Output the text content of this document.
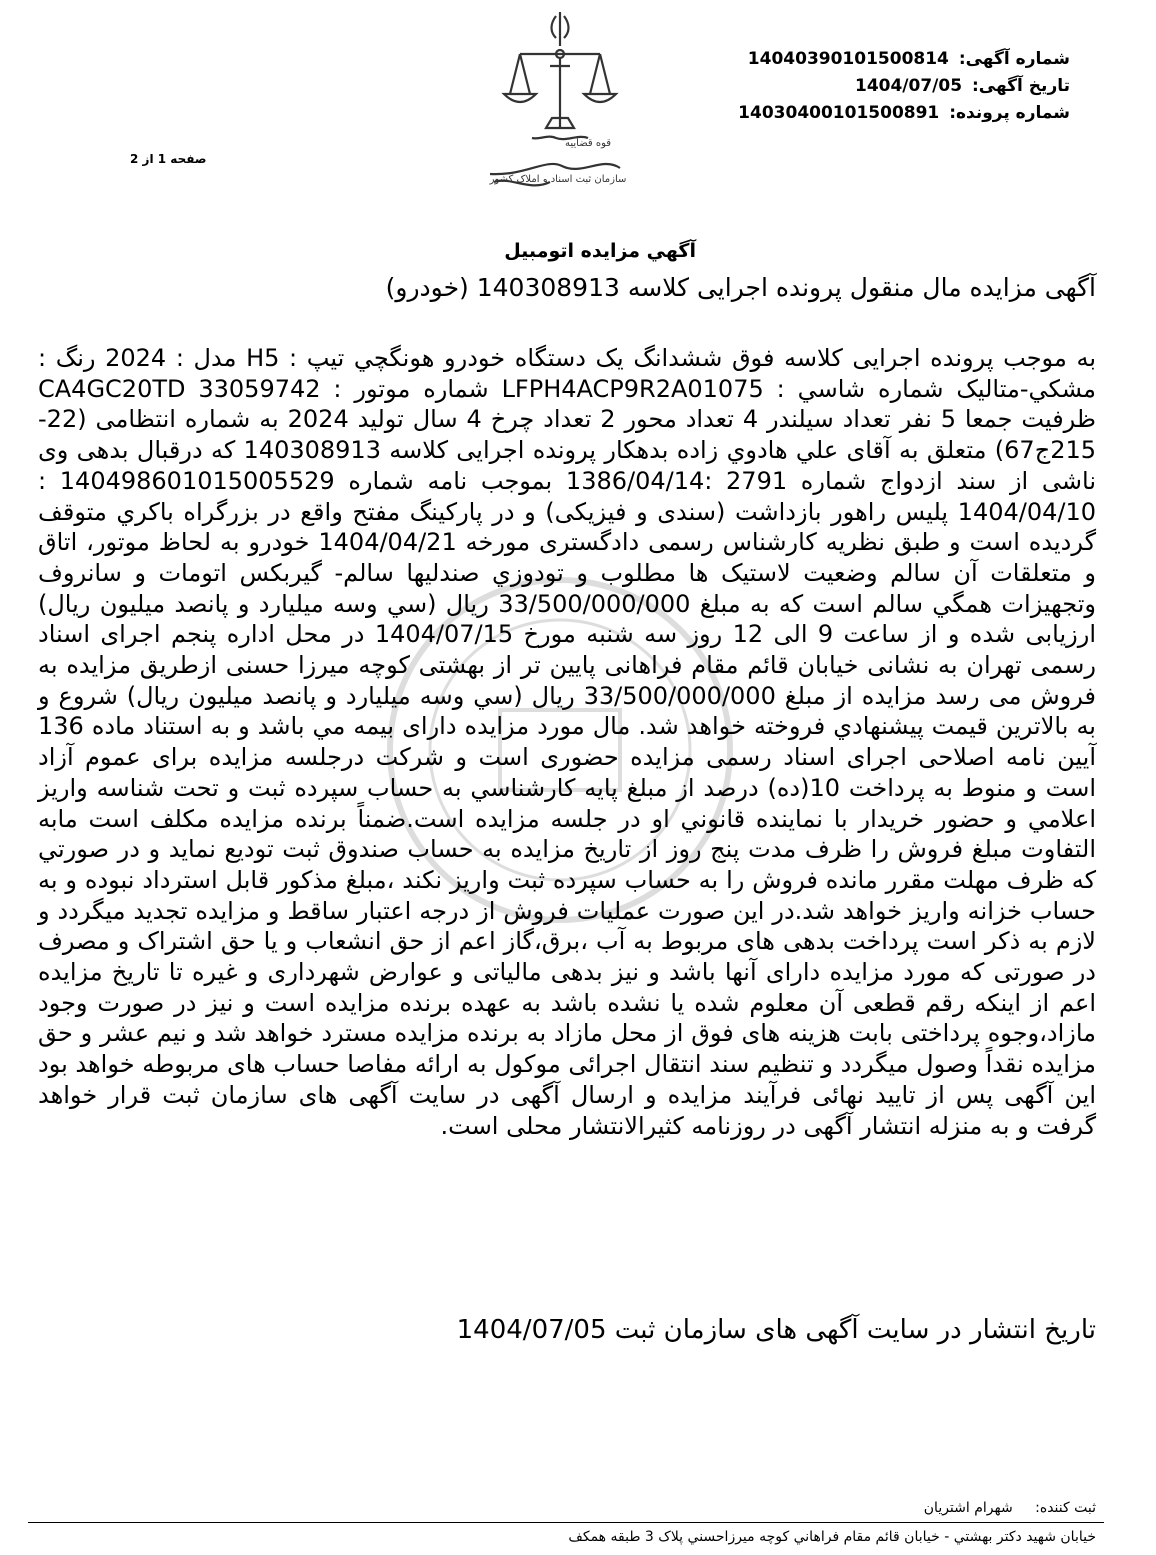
شماره آگهی: 14040390101500814
تاریخ آگهی: 1404/07/05
شماره پرونده: 14030400101500891
قوه قضاییه
سازمان ثبت اسناد و املاک کشور
صفحه 1 از 2
آگهي مزايده اتومبيل
آگهی مزایده مال منقول پرونده اجرایی کلاسه 140308913 (خودرو)

به موجب پرونده اجرایی کلاسه فوق ششدانگ یک دستگاه خودرو هونگچي تیپ : H5 مدل : 2024 رنگ : مشکي-متاليک شماره شاسي : LFPH4ACP9R2A01075 شماره موتور : CA4GC20TD 33059742 ظرفیت جمعا 5 نفر تعداد سیلندر 4 تعداد محور 2 تعداد چرخ 4 سال تولید 2024 به شماره انتظامی (22-215ج67) متعلق به آقای علي هادوي زاده بدهکار پرونده اجرایی کلاسه 140308913 که درقبال بدهی وی ناشی از سند ازدواج شماره 2791 :1386/04/14 بموجب نامه شماره 140498601015005529 : 1404/04/10 پلیس راهور بازداشت (سندی و فیزیکی) و در پارکینگ مفتح واقع در بزرگراه باکري متوقف گردیده است و طبق نظریه کارشناس رسمی دادگستری مورخه 1404/04/21 خودرو به لحاظ موتور، اتاق و متعلقات آن سالم وضعیت لاستیک ها مطلوب و تودوزي صندلیها سالم- گیربکس اتومات و سانروف وتجهیزات همگي سالم است که به مبلغ 33/500/000/000 ریال (سي وسه میلیارد و پانصد میلیون ریال) ارزیابی شده و از ساعت 9 الی 12 روز سه شنبه مورخ 1404/07/15 در محل اداره پنجم اجرای اسناد رسمی تهران به نشانی خیابان قائم مقام فراهانی پایین تر از بهشتی کوچه میرزا حسنی ازطریق مزایده به فروش می رسد مزایده از مبلغ 33/500/000/000 ریال (سي وسه میلیارد و پانصد میلیون ریال) شروع و به بالاترین قیمت پیشنهادي فروخته خواهد شد. مال مورد مزایده دارای بیمه مي باشد و به استناد ماده 136 آیین نامه اصلاحی اجرای اسناد رسمی مزایده حضوری است و شرکت درجلسه مزایده برای عموم آزاد است و منوط به پرداخت 10(ده) درصد از مبلغ پایه کارشناسي به حساب سپرده ثبت و تحت شناسه واریز اعلامي و حضور خریدار با نماینده قانوني او در جلسه مزایده است.ضمناً برنده مزایده مکلف است مابه التفاوت مبلغ فروش را ظرف مدت پنج روز از تاریخ مزایده به حساب صندوق ثبت تودیع نماید و در صورتي که ظرف مهلت مقرر مانده فروش را به حساب سپرده ثبت واریز نکند ،مبلغ مذکور قابل استرداد نبوده و به حساب خزانه واریز خواهد شد.در این صورت عملیات فروش از درجه اعتبار ساقط و مزایده تجدید میگردد و لازم به ذکر است پرداخت بدهی های مربوط به آب ،برق،گاز اعم از حق انشعاب و یا حق اشتراک و مصرف در صورتی که مورد مزایده دارای آنها باشد و نیز بدهی مالیاتی و عوارض شهرداری و غیره تا تاریخ مزایده اعم از اینکه رقم قطعی آن معلوم شده یا نشده باشد به عهده برنده مزایده است و نیز در صورت وجود مازاد،وجوه پرداختی بابت هزینه های فوق از محل مازاد به برنده مزایده مسترد خواهد شد و نیم عشر و حق مزایده نقداً وصول میگردد و تنظیم سند انتقال اجرائی موکول به ارائه مفاصا حساب های مربوطه خواهد بود این آگهی پس از تایید نهائی فرآیند مزایده و ارسال آگهی در سایت آگهی های سازمان ثبت قرار خواهد گرفت و به منزله انتشار آگهی در روزنامه کثیرالانتشار محلی است.

تاریخ انتشار در سایت آگهی های سازمان ثبت 1404/07/05
ثبت کننده: شهرام اشتریان
خیابان شهید دکتر بهشتي - خیابان قائم مقام فراهاني کوچه میرزاحسني پلاک 3 طبقه همکف
